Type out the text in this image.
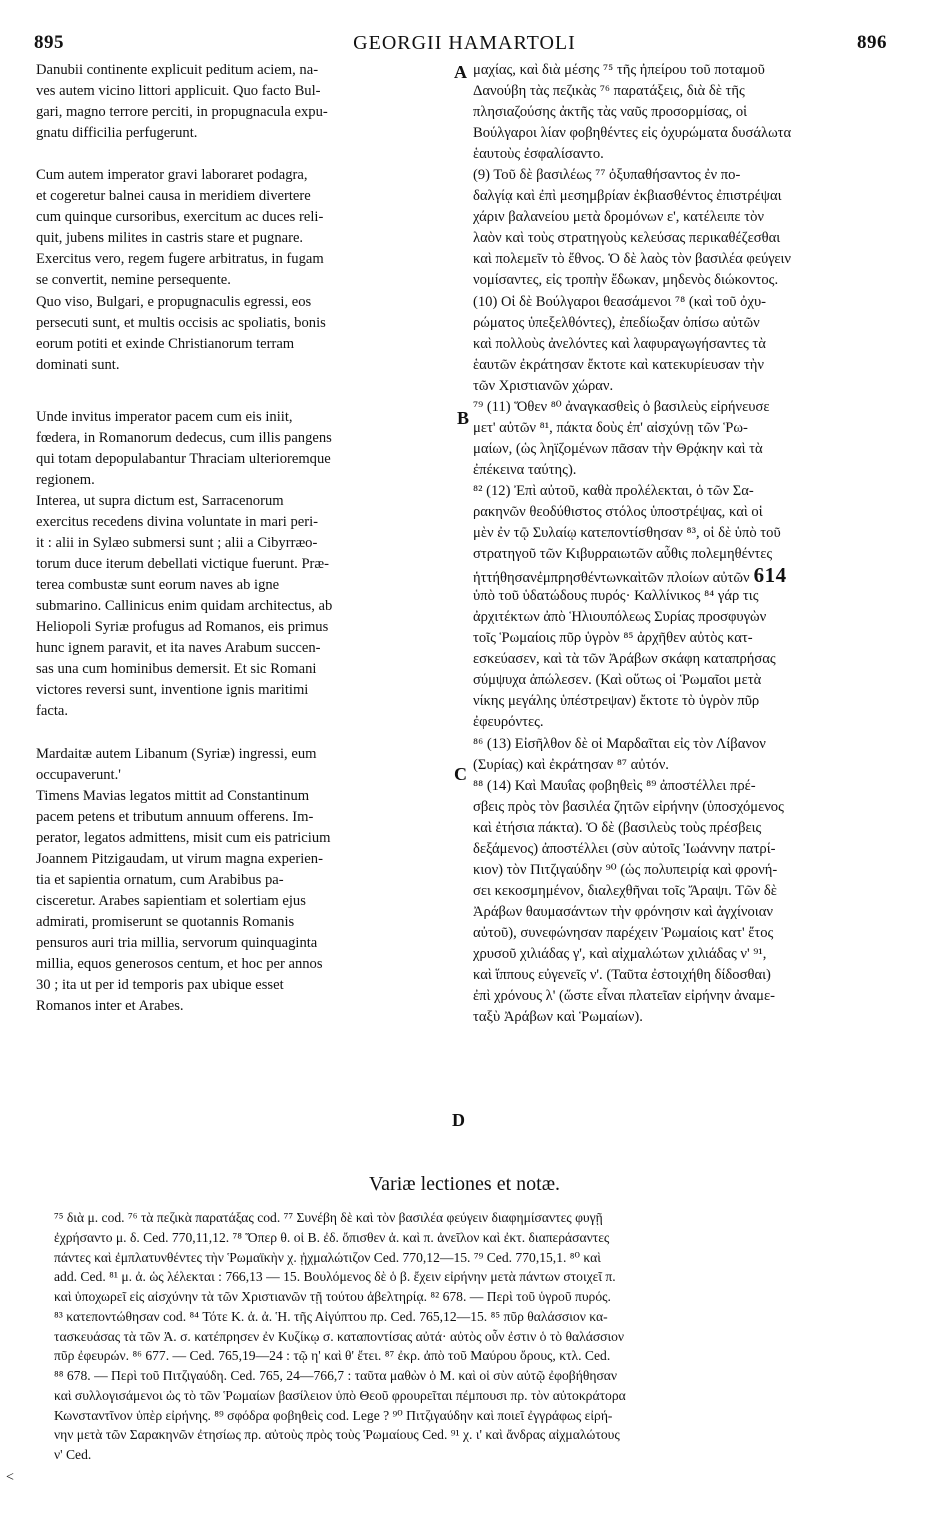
895	GEORGII HAMARTOLI	896
A
B
C
D
Danubii continente explicuit peditum aciem, na-
ves autem vicino littori applicuit. Quo facto Bul-
gari, magno terrore perciti, in propugnacula expu-
gnatu difficilia perfugerunt.
Cum autem imperator gravi laboraret podagra,
et cogeretur balnei causa in meridiem divertere
cum quinque cursoribus, exercitum ac duces reli-
quit, jubens milites in castris stare et pugnare.
Exercitus vero, regem fugere arbitratus, in fugam
se convertit, nemine persequente.
Quo viso, Bulgari, e propugnaculis egressi, eos
persecuti sunt, et multis occisis ac spoliatis, bonis
eorum potiti et exinde Christianorum terram
dominati sunt.
Unde invitus imperator pacem cum eis iniit,
fœdera, in Romanorum dedecus, cum illis pangens
qui totam depopulabantur Thraciam ulterioremque
regionem.
Interea, ut supra dictum est, Sarracenorum
exercitus recedens divina voluntate in mari peri-
it : alii in Sylæo submersi sunt ; alii a Cibyrræo-
torum duce iterum debellati victique fuerunt. Præ-
terea combustæ sunt eorum naves ab igne
submarino. Callinicus enim quidam architectus, ab
Heliopoli Syriæ profugus ad Romanos, eis primus
hunc ignem paravit, et ita naves Arabum succen-
sas una cum hominibus demersit. Et sic Romani
victores reversi sunt, inventione ignis maritimi
facta.
Mardaitæ autem Libanum (Syriæ) ingressi, eum
occupaverunt.'
Timens Mavias legatos mittit ad Constantinum
pacem petens et tributum annuum offerens. Im-
perator, legatos admittens, misit cum eis patricium
Joannem Pitzigaudam, ut virum magna experien-
tia et sapientia ornatum, cum Arabibus pa-
cisceretur. Arabes sapientiam et solertiam ejus
admirati, promiserunt se quotannis Romanis
pensuros auri tria millia, servorum quinquaginta
millia, equos generosos centum, et hoc per annos
30 ; ita ut per id temporis pax ubique esset
Romanos inter et Arabes.
μαχίας, καὶ διὰ μέσης ⁷⁵ τῆς ἠπείρου τοῦ ποταμοῦ
Δανούβη τὰς πεζικὰς ⁷⁶ παρατάξεις, διὰ δὲ τῆς
πλησιαζούσης ἀκτῆς τὰς ναῦς προσορμίσας, οἱ
Βούλγαροι λίαν φοβηθέντες εἰς ὀχυρώματα δυσάλωτα
ἑαυτοὺς ἐσφαλίσαντο.
(9) Τοῦ δὲ βασιλέως ⁷⁷ ὀξυπαθήσαντος ἐν πο-
δαλγίᾳ καὶ ἐπὶ μεσημβρίαν ἐκβιασθέντος ἐπιστρέψαι
χάριν βαλανείου μετὰ δρομόνων ε', κατέλειπε τὸν
λαὸν καὶ τοὺς στρατηγοὺς κελεύσας περικαθέζεσθαι
καὶ πολεμεῖν τὸ ἔθνος. Ὁ δὲ λαὸς τὸν βασιλέα φεύγειν
νομίσαντες, εἰς τροπὴν ἔδωκαν, μηδενὸς διώκοντος.
(10) Οἱ δὲ Βούλγαροι θεασάμενοι ⁷⁸ (καὶ τοῦ ὀχυ-
ρώματος ὑπεξελθόντες), ἐπεδίωξαν ὀπίσω αὐτῶν
καὶ πολλοὺς ἀνελόντες καὶ λαφυραγωγήσαντες τὰ
ἑαυτῶν ἐκράτησαν ἔκτοτε καὶ κατεκυρίευσαν τὴν
τῶν Χριστιανῶν χώραν.
⁷⁹ (11) Ὅθεν ⁸⁰ ἀναγκασθεὶς ὁ βασιλεὺς εἰρήνευσε
μετ' αὐτῶν ⁸¹, πάκτα δοὺς ἐπ' αἰσχύνῃ τῶν Ῥω-
μαίων, (ὡς ληϊζομένων πᾶσαν τὴν Θρᾴκην καὶ τὰ
ἐπέκεινα ταύτης).
⁸² (12) Ἐπὶ αὐτοῦ, καθὰ προλέλεκται, ὁ τῶν Σα-
ρακηνῶν θεοδύθιστος στόλος ὑποστρέψας, καὶ οἱ
μὲν ἐν τῷ Συλαίῳ κατεποντίσθησαν ⁸³, οἱ δὲ ὑπὸ τοῦ
στρατηγοῦ τῶν Κιβυρραιωτῶν αὖθις πολεμηθέντες
ἡττήθησανἐμπρησθέντωνκαὶτῶν πλοίων αὐτῶν 614
ὑπὸ τοῦ ὑδατώδους πυρός· Καλλίνικος ⁸⁴ γάρ τις
ἀρχιτέκτων ἀπὸ Ἡλιουπόλεως Συρίας προσφυγὼν
τοῖς Ῥωμαίοις πῦρ ὑγρὸν ⁸⁵ ἀρχῆθεν αὐτὸς κατ-
εσκεύασεν, καὶ τὰ τῶν Ἀράβων σκάφη καταπρήσας
σύμψυχα ἀπώλεσεν. (Καὶ οὕτως οἱ Ῥωμαῖοι μετὰ
νίκης μεγάλης ὑπέστρεψαν) ἔκτοτε τὸ ὑγρὸν πῦρ
ἐφευρόντες.
⁸⁶ (13) Εἰσῆλθον δὲ οἱ Μαρδαῖται εἰς τὸν Λίβανον
(Συρίας) καὶ ἐκράτησαν ⁸⁷ αὐτόν.
⁸⁸ (14) Καὶ Μαυΐας φοβηθεὶς ⁸⁹ ἀποστέλλει πρέ-
σβεις πρὸς τὸν βασιλέα ζητῶν εἰρήνην (ὑποσχόμενος
καὶ ἐτήσια πάκτα). Ὁ δὲ (βασιλεὺς τοὺς πρέσβεις
δεξάμενος) ἀποστέλλει (σὺν αὐτοῖς Ἰωάννην πατρί-
κιον) τὸν Πιτζιγαύδην ⁹⁰ (ὡς πολυπειρίᾳ καὶ φρονή-
σει κεκοσμημένον, διαλεχθῆναι τοῖς Ἄραψι. Τῶν δὲ
Ἀράβων θαυμασάντων τὴν φρόνησιν καὶ ἀγχίνοιαν
αὐτοῦ), συνεφώνησαν παρέχειν Ῥωμαίοις κατ' ἔτος
χρυσοῦ χιλιάδας γ', καὶ αἰχμαλώτων χιλιάδας ν' ⁹¹,
καὶ ἵππους εὐγενεῖς ν'. (Ταῦτα ἐστοιχήθη δίδοσθαι)
ἐπὶ χρόνους λ' (ὥστε εἶναι πλατεῖαν εἰρήνην ἀναμε-
ταξὺ Ἀράβων καὶ Ῥωμαίων).
Variæ lectiones et notæ.
⁷⁵ διὰ μ. cod. ⁷⁶ τὰ πεζικὰ παρατάξας cod. ⁷⁷ Συνέβη δὲ καὶ τὸν βασιλέα φεύγειν διαφημίσαντες φυγῇ
ἐχρήσαντο μ. δ. Ced. 770,11,12. ⁷⁸ Ὅπερ θ. οἱ Β. ἐδ. ὄπισθεν ἀ. καὶ π. ἀνεῖλον καὶ ἐκτ. διαπεράσαντες
πάντες καὶ ἐμπλατυνθέντες τὴν Ῥωμαϊκὴν χ. ᾐχμαλώτιζον Ced. 770,12—15. ⁷⁹ Ced. 770,15,1. ⁸⁰ καὶ
add. Ced. ⁸¹ μ. ἀ. ὡς λέλεκται : 766,13 — 15. Βουλόμενος δὲ ὁ β. ἔχειν εἰρήνην μετὰ πάντων στοιχεῖ π.
καὶ ὑποχωρεῖ εἰς αἰσχύνην τὰ τῶν Χριστιανῶν τῇ τούτου ἀβελτηρίᾳ. ⁸² 678. — Περὶ τοῦ ὑγροῦ πυρός.
⁸³ κατεποντώθησαν cod. ⁸⁴ Τότε Κ. ἀ. ἀ. Ἡ. τῆς Αἰγύπτου πρ. Ced. 765,12—15. ⁸⁵ πῦρ θαλάσσιον κα-
τασκευάσας τὰ τῶν Ἀ. σ. κατέπρησεν ἐν Κυζίκῳ σ. καταποντίσας αὐτά· αὐτὸς οὖν ἐστιν ὁ τὸ θαλάσσιον
πῦρ ἐφευρών. ⁸⁶ 677. — Ced. 765,19—24 : τῷ η' καὶ θ' ἔτει. ⁸⁷ ἐκρ. ἀπὸ τοῦ Μαύρου ὄρους, κτλ. Ced.
⁸⁸ 678. — Περὶ τοῦ Πιτζιγαύδη. Ced. 765, 24—766,7 : ταῦτα μαθὼν ὁ Μ. καὶ οἱ σὺν αὐτῷ ἐφοβήθησαν
καὶ συλλογισάμενοι ὡς τὸ τῶν Ῥωμαίων βασίλειον ὑπὸ Θεοῦ φρουρεῖται πέμπουσι πρ. τὸν αὐτοκράτορα
Κωνσταντῖνον ὑπὲρ εἰρήνης. ⁸⁹ σφόδρα φοβηθεὶς cod. Lege ? ⁹⁰ Πιτζιγαύδην καὶ ποιεῖ ἐγγράφως εἰρή-
νην μετὰ τῶν Σαρακηνῶν ἐτησίως πρ. αὐτοὺς πρὸς τοὺς Ῥωμαίους Ced. ⁹¹ χ. ι' καὶ ἄνδρας αἰχμαλώτους
ν' Ced.
<
